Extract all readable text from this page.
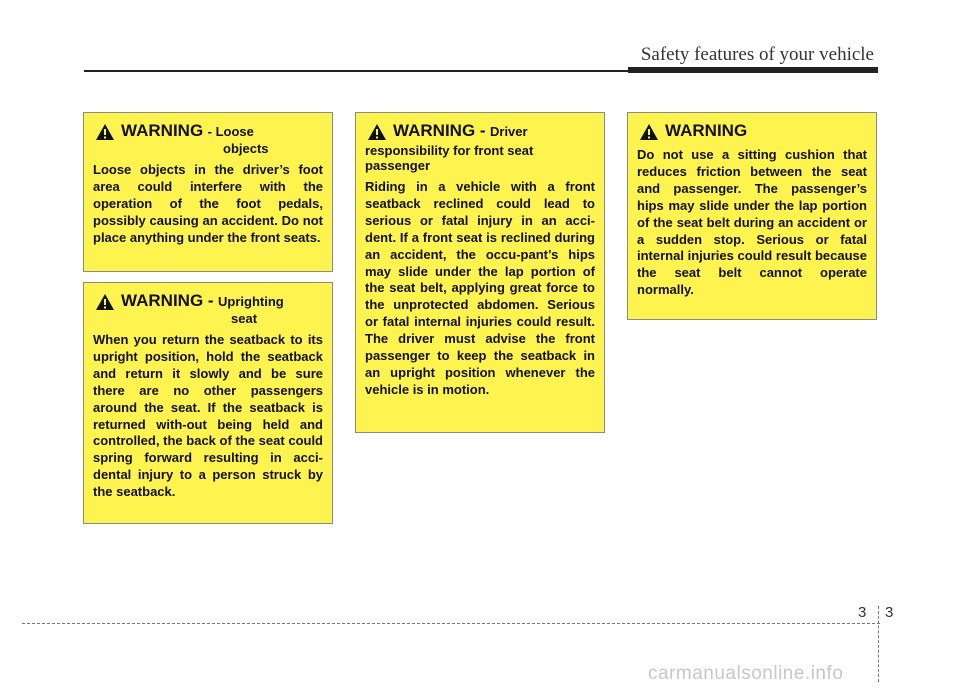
Safety features of your vehicle
WARNING - Loose
objects
Loose objects in the driver’s foot area could interfere with the operation of the foot pedals, possibly causing an accident. Do not place anything under the front seats.
WARNING - Uprighting
seat
When you return the seatback to its upright position, hold the seatback and return it slowly and be sure there are no other passengers around the seat. If the seatback is returned with-out being held and controlled, the back of the seat could spring forward resulting in acci-dental injury to a person struck by the seatback.
WARNING - Driver
responsibility for front seat passenger
Riding in a vehicle with a front seatback reclined could lead to serious or fatal injury in an acci-dent. If a front seat is reclined during an accident, the occu-pant’s hips may slide under the lap portion of the seat belt, applying great force to the unprotected abdomen. Serious or fatal internal injuries could result. The driver must advise the front passenger to keep the seatback in an upright position whenever the vehicle is in motion.
WARNING
Do not use a sitting cushion that reduces friction between the seat and passenger. The passenger’s hips may slide under the lap portion of the seat belt during an accident or a sudden stop. Serious or fatal internal injuries could result because the seat belt cannot operate normally.
3 3
carmanualsonline.info
